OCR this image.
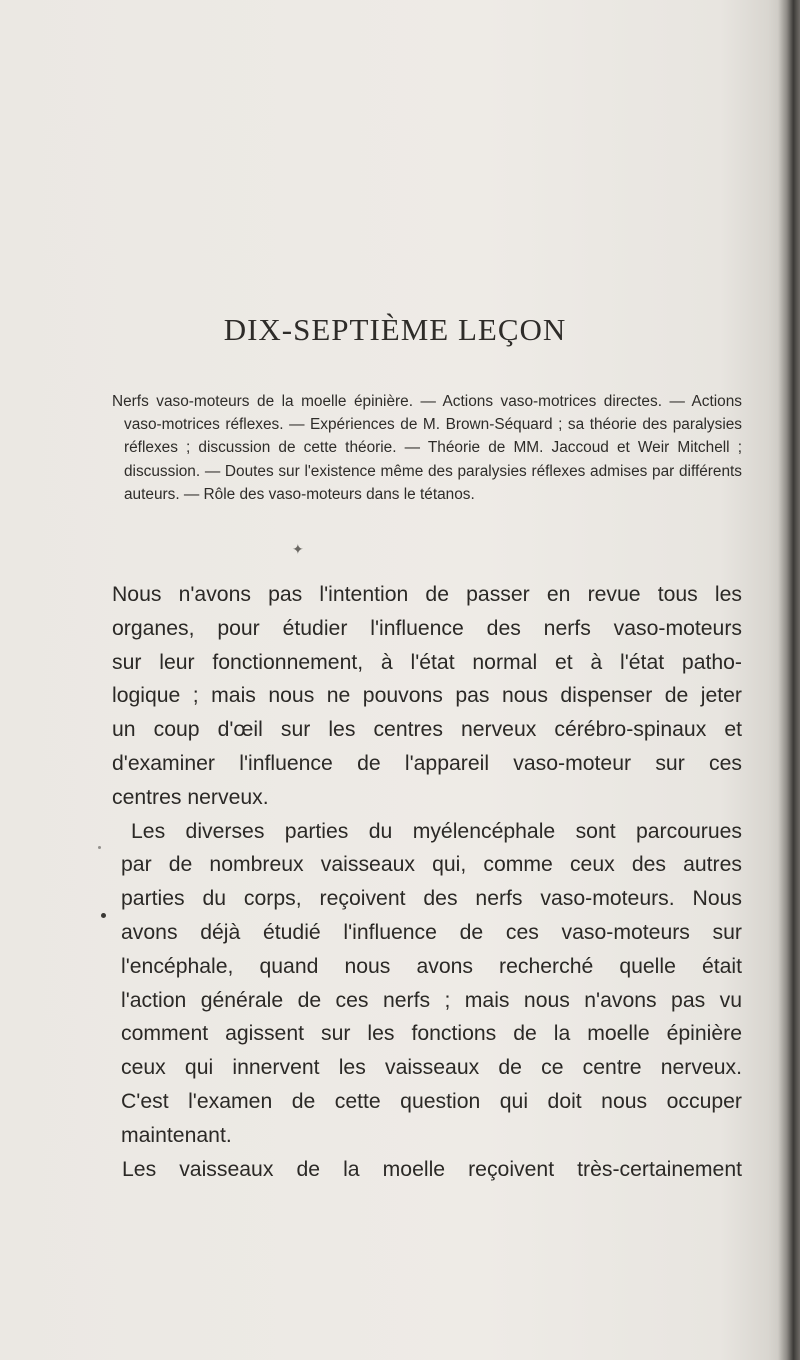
DIX-SEPTIÈME LEÇON

Nerfs vaso-moteurs de la moelle épinière. — Actions vaso-motrices directes. — Actions vaso-motrices réflexes. — Expériences de M. Brown-Séquard ; sa théorie des paralysies réflexes ; discussion de cette théorie. — Théorie de MM. Jaccoud et Weir Mitchell ; discussion. — Doutes sur l'existence même des paralysies réflexes admises par différents auteurs. — Rôle des vaso-moteurs dans le tétanos.

✦

Nous n'avons pas l'intention de passer en revue tous les
organes, pour étudier l'influence des nerfs vaso-moteurs
sur leur fonctionnement, à l'état normal et à l'état patho-
logique ; mais nous ne pouvons pas nous dispenser de jeter
un coup d'œil sur les centres nerveux cérébro-spinaux et
d'examiner l'influence de l'appareil vaso-moteur sur ces
centres nerveux.

Les diverses parties du myélencéphale sont parcourues
par de nombreux vaisseaux qui, comme ceux des autres
parties du corps, reçoivent des nerfs vaso-moteurs. Nous
avons déjà étudié l'influence de ces vaso-moteurs sur
l'encéphale, quand nous avons recherché quelle était
l'action générale de ces nerfs ; mais nous n'avons pas vu
comment agissent sur les fonctions de la moelle épinière
ceux qui innervent les vaisseaux de ce centre nerveux.
C'est l'examen de cette question qui doit nous occuper
maintenant.

Les vaisseaux de la moelle reçoivent très-certainement
